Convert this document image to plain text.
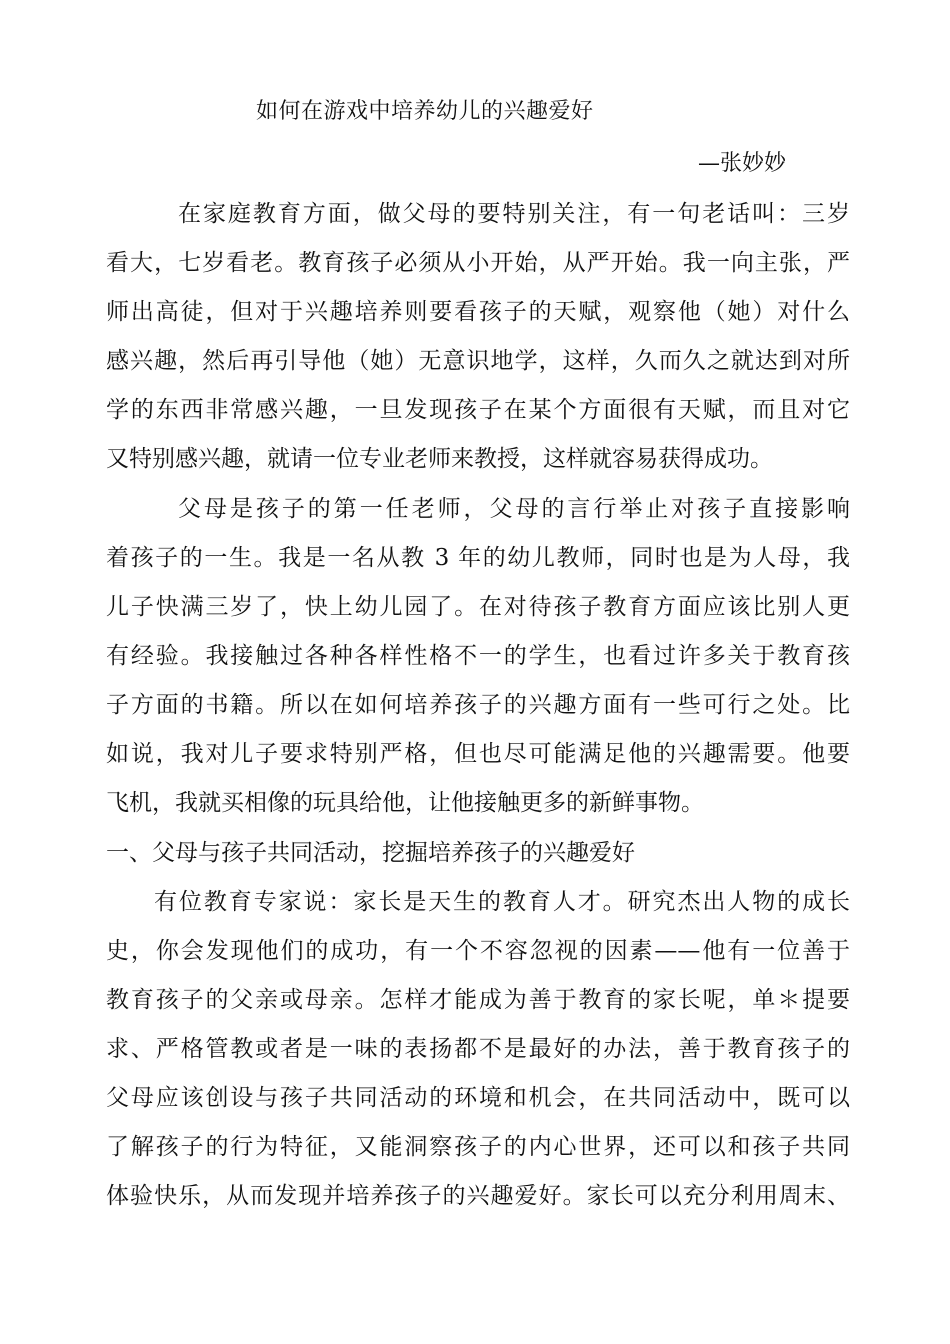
如何在游戏中培养幼儿的兴趣爱好
—张妙妙
在家庭教育方面，做父母的要特别关注，有一句老话叫：三岁
看大，七岁看老。教育孩子必须从小开始，从严开始。我一向主张，严
师出高徒，但对于兴趣培养则要看孩子的天赋，观察他（她）对什么
感兴趣，然后再引导他（她）无意识地学，这样，久而久之就达到对所
学的东西非常感兴趣，一旦发现孩子在某个方面很有天赋，而且对它
又特别感兴趣，就请一位专业老师来教授，这样就容易获得成功。
父母是孩子的第一任老师，父母的言行举止对孩子直接影响
着孩子的一生。我是一名从教 3 年的幼儿教师，同时也是为人母，我
儿子快满三岁了，快上幼儿园了。在对待孩子教育方面应该比别人更
有经验。我接触过各种各样性格不一的学生，也看过许多关于教育孩
子方面的书籍。所以在如何培养孩子的兴趣方面有一些可行之处。比
如说，我对儿子要求特别严格，但也尽可能满足他的兴趣需要。他要
飞机，我就买相像的玩具给他，让他接触更多的新鲜事物。
一、父母与孩子共同活动，挖掘培养孩子的兴趣爱好
有位教育专家说：家长是天生的教育人才。研究杰出人物的成长
史，你会发现他们的成功，有一个不容忽视的因素——他有一位善于
教育孩子的父亲或母亲。怎样才能成为善于教育的家长呢，单＊提要
求、严格管教或者是一味的表扬都不是最好的办法，善于教育孩子的
父母应该创设与孩子共同活动的环境和机会，在共同活动中，既可以
了解孩子的行为特征，又能洞察孩子的内心世界，还可以和孩子共同
体验快乐，从而发现并培养孩子的兴趣爱好。家长可以充分利用周末、
